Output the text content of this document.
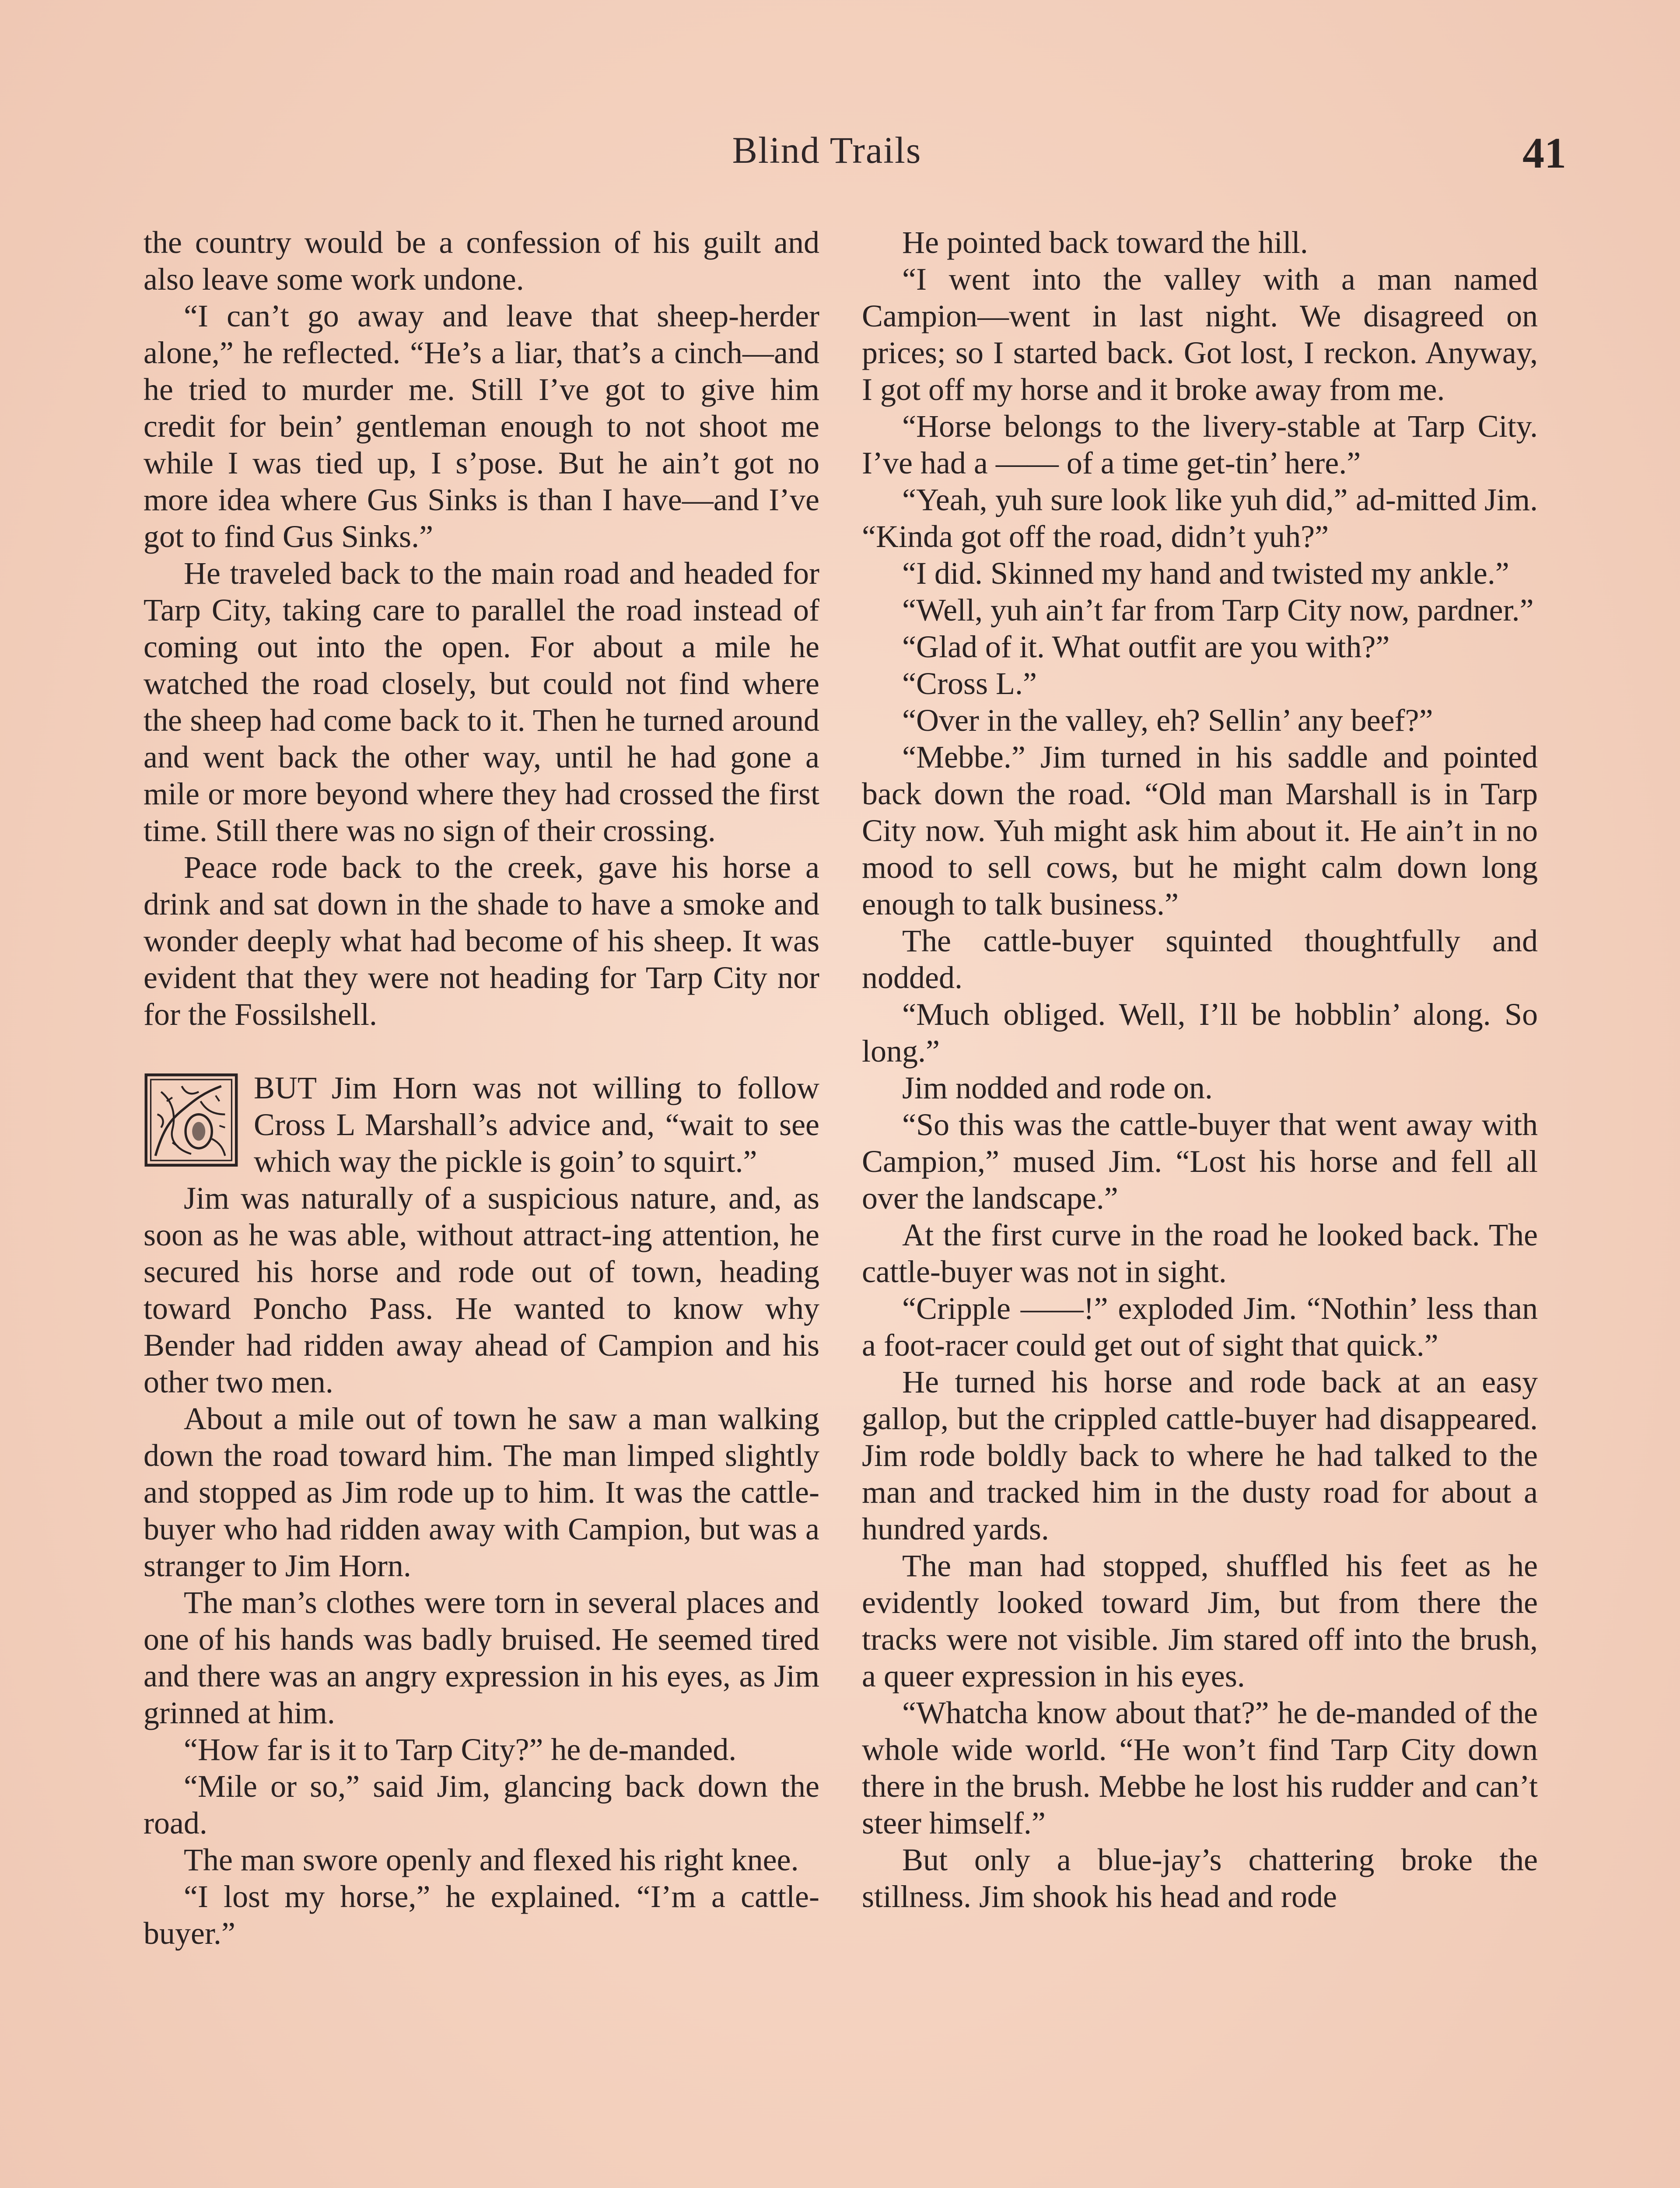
Blind Trails	41

the country would be a confession of his guilt and also leave some work undone.

“I can’t go away and leave that sheep-herder alone,” he reflected. “He’s a liar, that’s a cinch—and he tried to murder me. Still I’ve got to give him credit for bein’ gentleman enough to not shoot me while I was tied up, I s’pose. But he ain’t got no more idea where Gus Sinks is than I have—and I’ve got to find Gus Sinks.”

He traveled back to the main road and headed for Tarp City, taking care to parallel the road instead of coming out into the open. For about a mile he watched the road closely, but could not find where the sheep had come back to it. Then he turned around and went back the other way, until he had gone a mile or more beyond where they had crossed the first time. Still there was no sign of their crossing.

Peace rode back to the creek, gave his horse a drink and sat down in the shade to have a smoke and wonder deeply what had become of his sheep. It was evident that they were not heading for Tarp City nor for the Fossilshell.

BUT Jim Horn was not willing to follow Cross L Marshall’s advice and, “wait to see which way the pickle is goin’ to squirt.”

Jim was naturally of a suspicious nature, and, as soon as he was able, without attract-ing attention, he secured his horse and rode out of town, heading toward Poncho Pass. He wanted to know why Bender had ridden away ahead of Campion and his other two men.

About a mile out of town he saw a man walking down the road toward him. The man limped slightly and stopped as Jim rode up to him. It was the cattle-buyer who had ridden away with Campion, but was a stranger to Jim Horn.

The man’s clothes were torn in several places and one of his hands was badly bruised. He seemed tired and there was an angry expression in his eyes, as Jim grinned at him.

“How far is it to Tarp City?” he de-manded.

“Mile or so,” said Jim, glancing back down the road.

The man swore openly and flexed his right knee.

“I lost my horse,” he explained. “I’m a cattle-buyer.”

He pointed back toward the hill.

“I went into the valley with a man named Campion—went in last night. We disagreed on prices; so I started back. Got lost, I reckon. Anyway, I got off my horse and it broke away from me.

“Horse belongs to the livery-stable at Tarp City. I’ve had a —— of a time get-tin’ here.”

“Yeah, yuh sure look like yuh did,” ad-mitted Jim. “Kinda got off the road, didn’t yuh?”

“I did. Skinned my hand and twisted my ankle.”

“Well, yuh ain’t far from Tarp City now, pardner.”

“Glad of it. What outfit are you with?”

“Cross L.”

“Over in the valley, eh? Sellin’ any beef?”

“Mebbe.” Jim turned in his saddle and pointed back down the road. “Old man Marshall is in Tarp City now. Yuh might ask him about it. He ain’t in no mood to sell cows, but he might calm down long enough to talk business.”

The cattle-buyer squinted thoughtfully and nodded.

“Much obliged. Well, I’ll be hobblin’ along. So long.”

Jim nodded and rode on.

“So this was the cattle-buyer that went away with Campion,” mused Jim. “Lost his horse and fell all over the landscape.”

At the first curve in the road he looked back. The cattle-buyer was not in sight.

“Cripple ——!” exploded Jim. “Nothin’ less than a foot-racer could get out of sight that quick.”

He turned his horse and rode back at an easy gallop, but the crippled cattle-buyer had disappeared. Jim rode boldly back to where he had talked to the man and tracked him in the dusty road for about a hundred yards.

The man had stopped, shuffled his feet as he evidently looked toward Jim, but from there the tracks were not visible. Jim stared off into the brush, a queer expression in his eyes.

“Whatcha know about that?” he de-manded of the whole wide world. “He won’t find Tarp City down there in the brush. Mebbe he lost his rudder and can’t steer himself.”

But only a blue-jay’s chattering broke the stillness. Jim shook his head and rode
